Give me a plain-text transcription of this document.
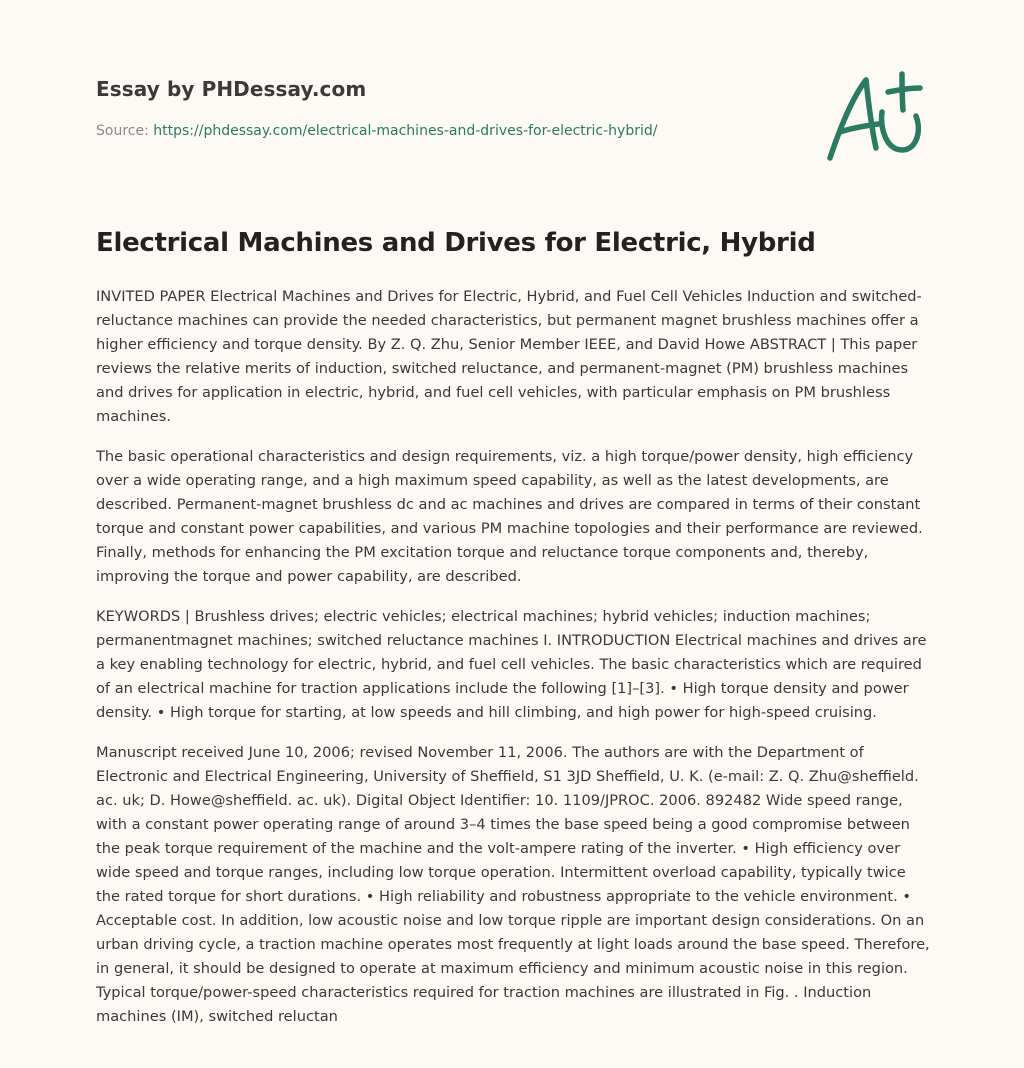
Essay by PHDessay.com
Source: https://phdessay.com/electrical-machines-and-drives-for-electric-hybrid/
Electrical Machines and Drives for Electric, Hybrid

INVITED PAPER Electrical Machines and Drives for Electric, Hybrid, and Fuel Cell Vehicles Induction and switched-reluctance machines can provide the needed characteristics, but permanent magnet brushless machines offer a higher efficiency and torque density. By Z. Q. Zhu, Senior Member IEEE, and David Howe ABSTRACT | This paper reviews the relative merits of induction, switched reluctance, and permanent-magnet (PM) brushless machines and drives for application in electric, hybrid, and fuel cell vehicles, with particular emphasis on PM brushless machines.

The basic operational characteristics and design requirements, viz. a high torque/power density, high efficiency over a wide operating range, and a high maximum speed capability, as well as the latest developments, are described. Permanent-magnet brushless dc and ac machines and drives are compared in terms of their constant torque and constant power capabilities, and various PM machine topologies and their performance are reviewed. Finally, methods for enhancing the PM excitation torque and reluctance torque components and, thereby, improving the torque and power capability, are described.

KEYWORDS | Brushless drives; electric vehicles; electrical machines; hybrid vehicles; induction machines; permanentmagnet machines; switched reluctance machines I. INTRODUCTION Electrical machines and drives are a key enabling technology for electric, hybrid, and fuel cell vehicles. The basic characteristics which are required of an electrical machine for traction applications include the following [1]–[3]. • High torque density and power density. • High torque for starting, at low speeds and hill climbing, and high power for high-speed cruising.

Manuscript received June 10, 2006; revised November 11, 2006. The authors are with the Department of Electronic and Electrical Engineering, University of Sheffield, S1 3JD Sheffield, U. K. (e-mail: Z. Q. Zhu@sheffield. ac. uk; D. Howe@sheffield. ac. uk). Digital Object Identifier: 10. 1109/JPROC. 2006. 892482 Wide speed range, with a constant power operating range of around 3–4 times the base speed being a good compromise between the peak torque requirement of the machine and the volt-ampere rating of the inverter. • High efficiency over wide speed and torque ranges, including low torque operation. Intermittent overload capability, typically twice the rated torque for short durations. • High reliability and robustness appropriate to the vehicle environment. • Acceptable cost. In addition, low acoustic noise and low torque ripple are important design considerations. On an urban driving cycle, a traction machine operates most frequently at light loads around the base speed. Therefore, in general, it should be designed to operate at maximum efficiency and minimum acoustic noise in this region. Typical torque/power-speed characteristics required for traction machines are illustrated in Fig. . Induction machines (IM), switched reluctan
